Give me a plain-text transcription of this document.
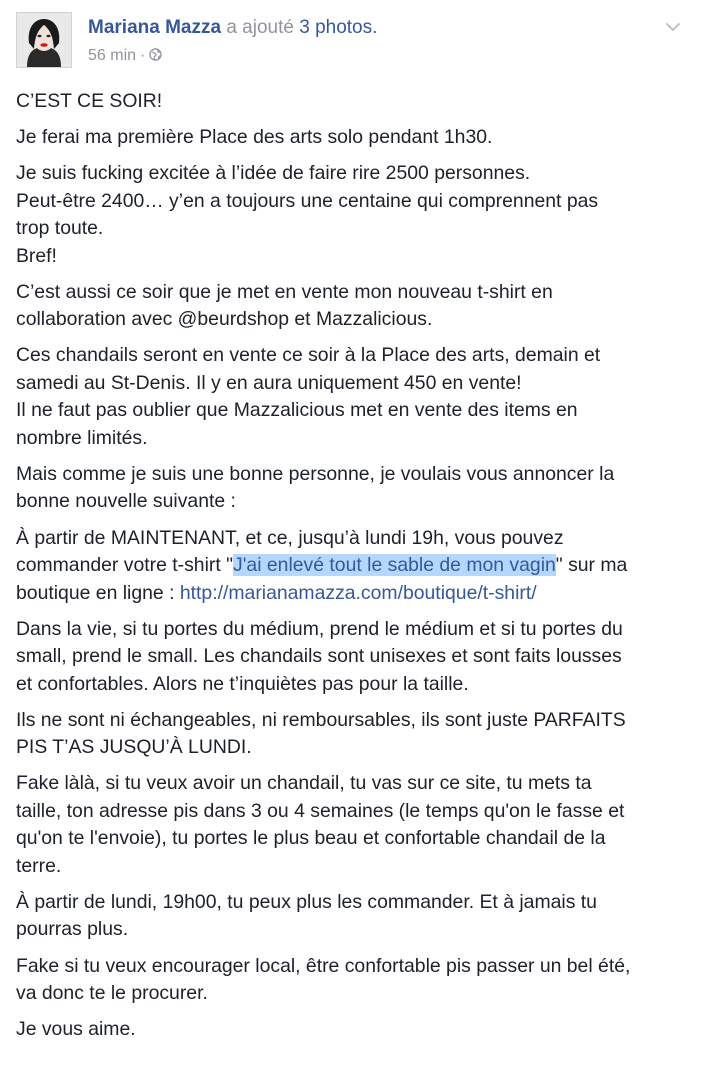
Mariana Mazza a ajouté 3 photos.
56 min ·

C’EST CE SOIR!

Je ferai ma première Place des arts solo pendant 1h30.

Je suis fucking excitée à l’idée de faire rire 2500 personnes.
Peut-être 2400… y’en a toujours une centaine qui comprennent pas
trop toute.
Bref!

C’est aussi ce soir que je met en vente mon nouveau t-shirt en
collaboration avec @beurdshop et Mazzalicious.

Ces chandails seront en vente ce soir à la Place des arts, demain et
samedi au St-Denis. Il y en aura uniquement 450 en vente!
Il ne faut pas oublier que Mazzalicious met en vente des items en
nombre limités.

Mais comme je suis une bonne personne, je voulais vous annoncer la
bonne nouvelle suivante :

À partir de MAINTENANT, et ce, jusqu’à lundi 19h, vous pouvez
commander votre t-shirt "J'ai enlevé tout le sable de mon vagin" sur ma
boutique en ligne : http://marianamazza.com/boutique/t-shirt/

Dans la vie, si tu portes du médium, prend le médium et si tu portes du
small, prend le small. Les chandails sont unisexes et sont faits lousses
et confortables. Alors ne t’inquiètes pas pour la taille.

Ils ne sont ni échangeables, ni remboursables, ils sont juste PARFAITS
PIS T’AS JUSQU’À LUNDI.

Fake làlà, si tu veux avoir un chandail, tu vas sur ce site, tu mets ta
taille, ton adresse pis dans 3 ou 4 semaines (le temps qu'on le fasse et
qu'on te l'envoie), tu portes le plus beau et confortable chandail de la
terre.

À partir de lundi, 19h00, tu peux plus les commander. Et à jamais tu
pourras plus.

Fake si tu veux encourager local, être confortable pis passer un bel été,
va donc te le procurer.

Je vous aime.
